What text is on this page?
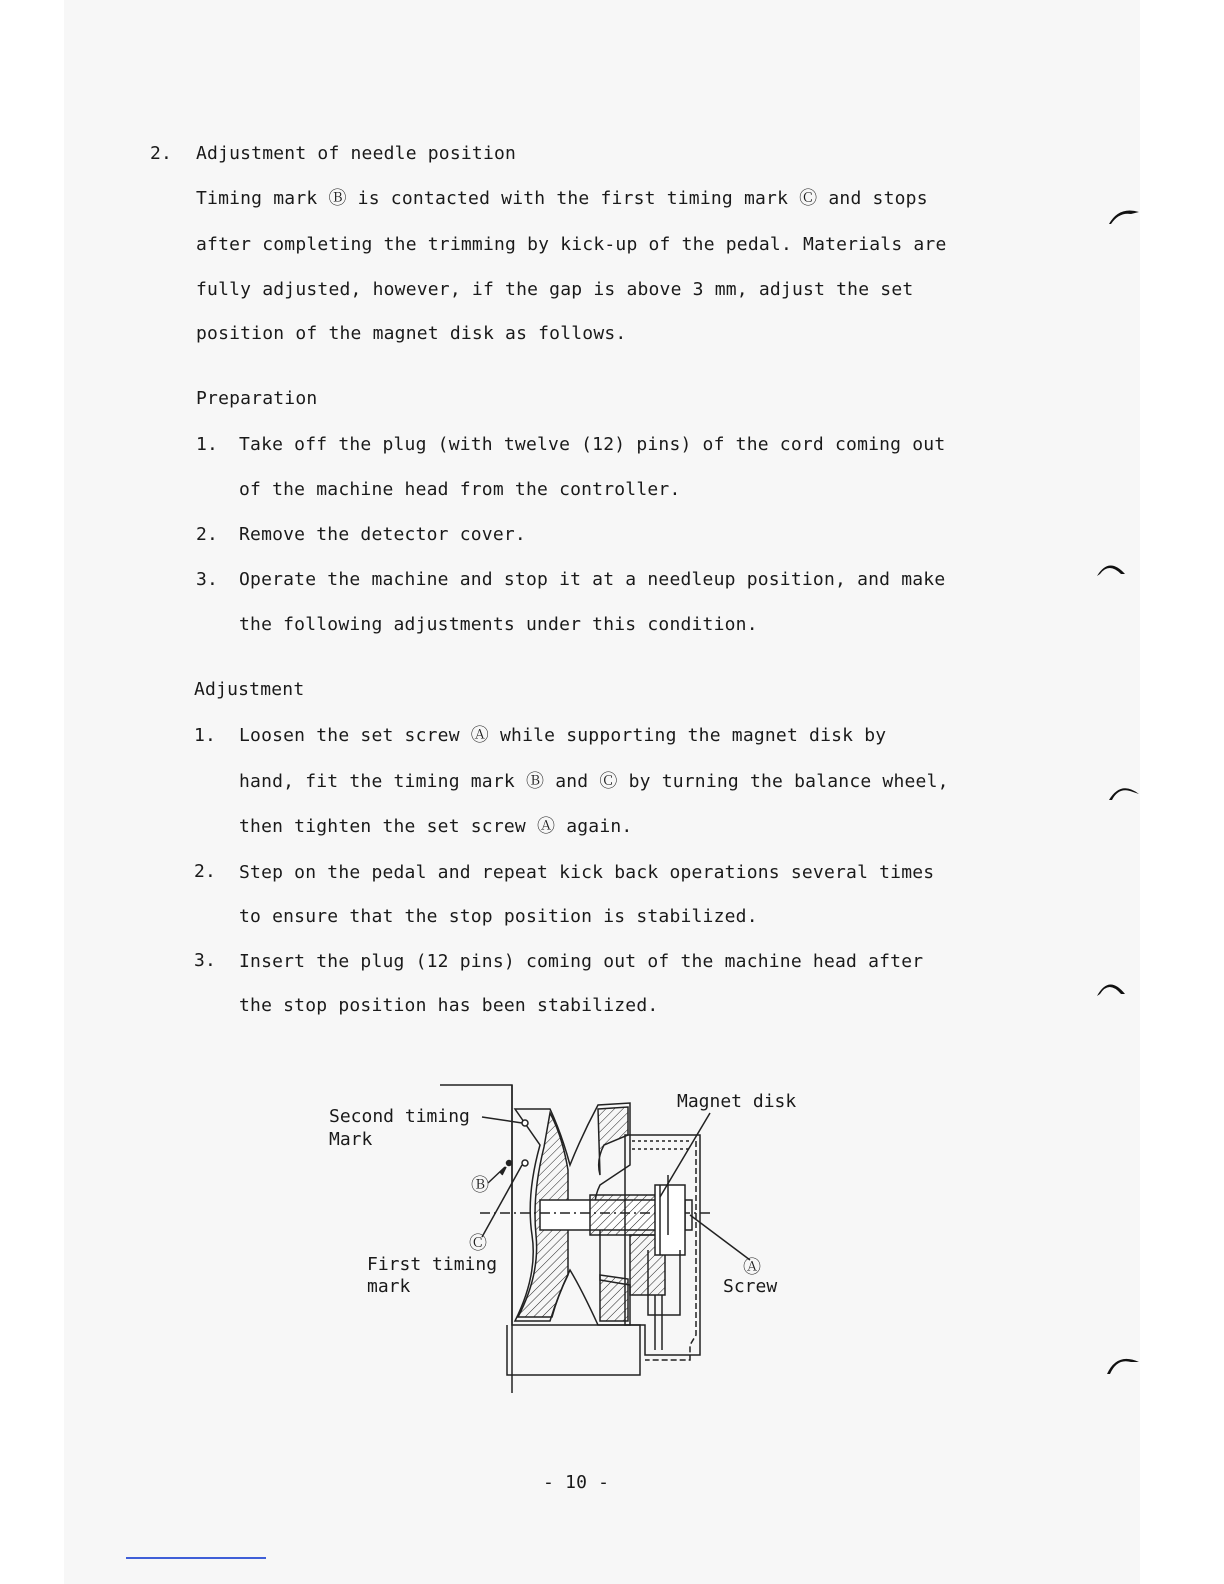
2. Adjustment of needle position
Timing mark Ⓑ is contacted with the first timing mark Ⓒ and stops
after completing the trimming by kick-up of the pedal. Materials are
fully adjusted, however, if the gap is above 3 mm, adjust the set
position of the magnet disk as follows.
Preparation
1. Take off the plug (with twelve (12) pins) of the cord coming out
of the machine head from the controller.
2. Remove the detector cover.
3. Operate the machine and stop it at a needleup position, and make
the following adjustments under this condition.
Adjustment
1. Loosen the set screw Ⓐ while supporting the magnet disk by
hand, fit the timing mark Ⓑ and Ⓒ by turning the balance wheel,
then tighten the set screw Ⓐ again.
2. Step on the pedal and repeat kick back operations several times
to ensure that the stop position is stabilized.
3. Insert the plug (12 pins) coming out of the machine head after
the stop position has been stabilized.
Second timing
Mark
Ⓑ
Ⓒ
First timing
mark
Magnet disk
Ⓐ
Screw
- 10 -
